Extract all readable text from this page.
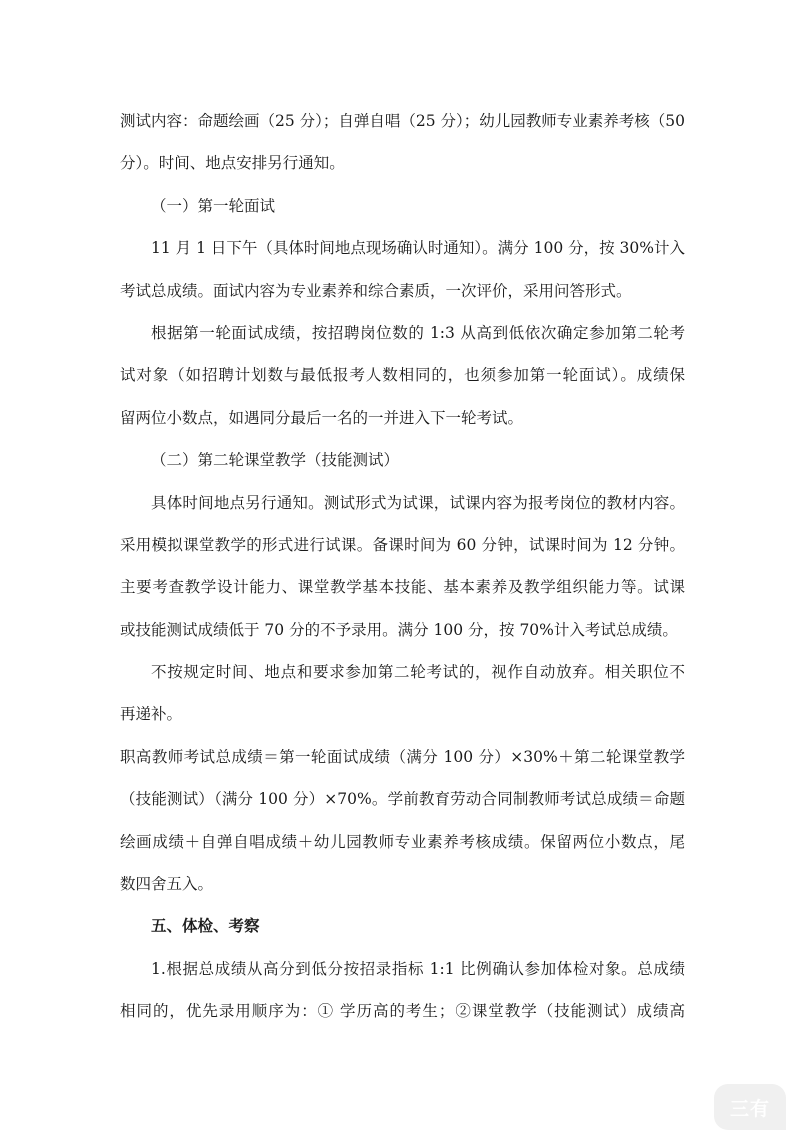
测试内容：命题绘画（25 分）；自弹自唱（25 分）；幼儿园教师专业素养考核（50
分）。时间、地点安排另行通知。
（一）第一轮面试
11 月 1 日下午（具体时间地点现场确认时通知）。满分 100 分，按 30%计入
考试总成绩。面试内容为专业素养和综合素质，一次评价，采用问答形式。
根据第一轮面试成绩，按招聘岗位数的 1:3 从高到低依次确定参加第二轮考
试对象（如招聘计划数与最低报考人数相同的，也须参加第一轮面试）。成绩保
留两位小数点，如遇同分最后一名的一并进入下一轮考试。
（二）第二轮课堂教学（技能测试）
具体时间地点另行通知。测试形式为试课，试课内容为报考岗位的教材内容。
采用模拟课堂教学的形式进行试课。备课时间为 60 分钟，试课时间为 12 分钟。
主要考查教学设计能力、课堂教学基本技能、基本素养及教学组织能力等。试课
或技能测试成绩低于 70 分的不予录用。满分 100 分，按 70%计入考试总成绩。
不按规定时间、地点和要求参加第二轮考试的，视作自动放弃。相关职位不
再递补。
职高教师考试总成绩＝第一轮面试成绩（满分 100 分）×30%＋第二轮课堂教学
（技能测试）（满分 100 分）×70%。学前教育劳动合同制教师考试总成绩＝命题
绘画成绩＋自弹自唱成绩＋幼儿园教师专业素养考核成绩。保留两位小数点，尾
数四舍五入。
五、体检、考察
1.根据总成绩从高分到低分按招录指标 1:1 比例确认参加体检对象。总成绩
相同的，优先录用顺序为：① 学历高的考生；②课堂教学（技能测试）成绩高
三有
